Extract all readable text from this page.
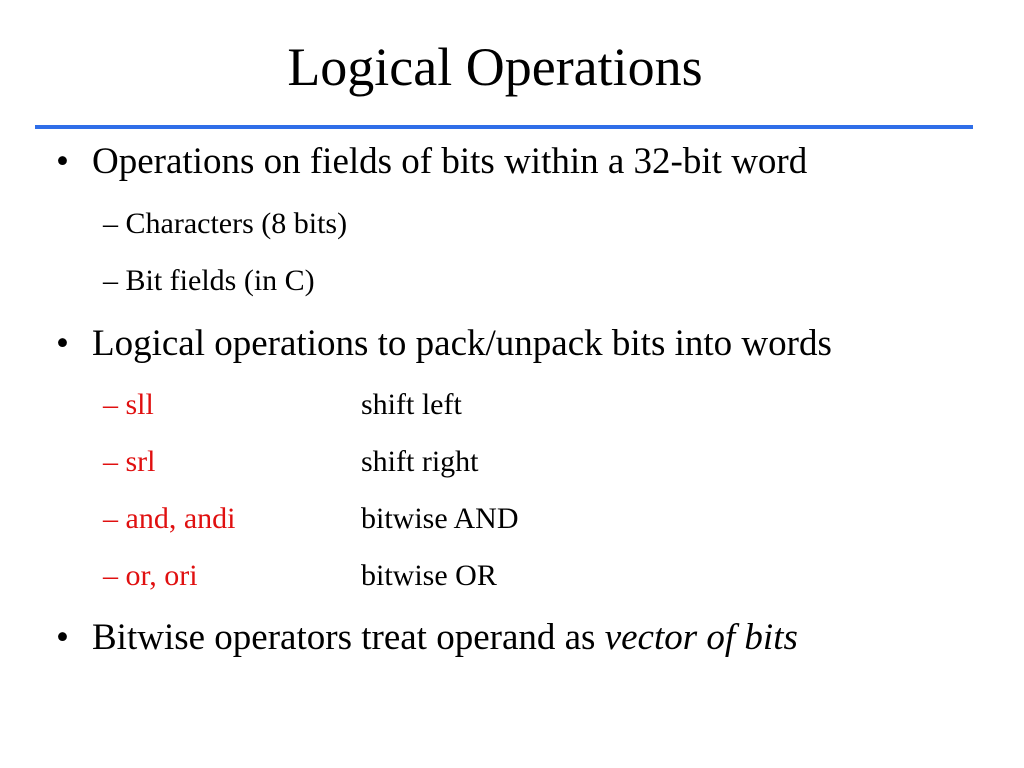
Logical Operations
• Operations on fields of bits within a 32-bit word
– Characters (8 bits)
– Bit fields (in C)
• Logical operations to pack/unpack bits into words
– sll	shift left
– srl	shift right
– and, andi	bitwise AND
– or, ori	bitwise OR
• Bitwise operators treat operand as vector of bits
